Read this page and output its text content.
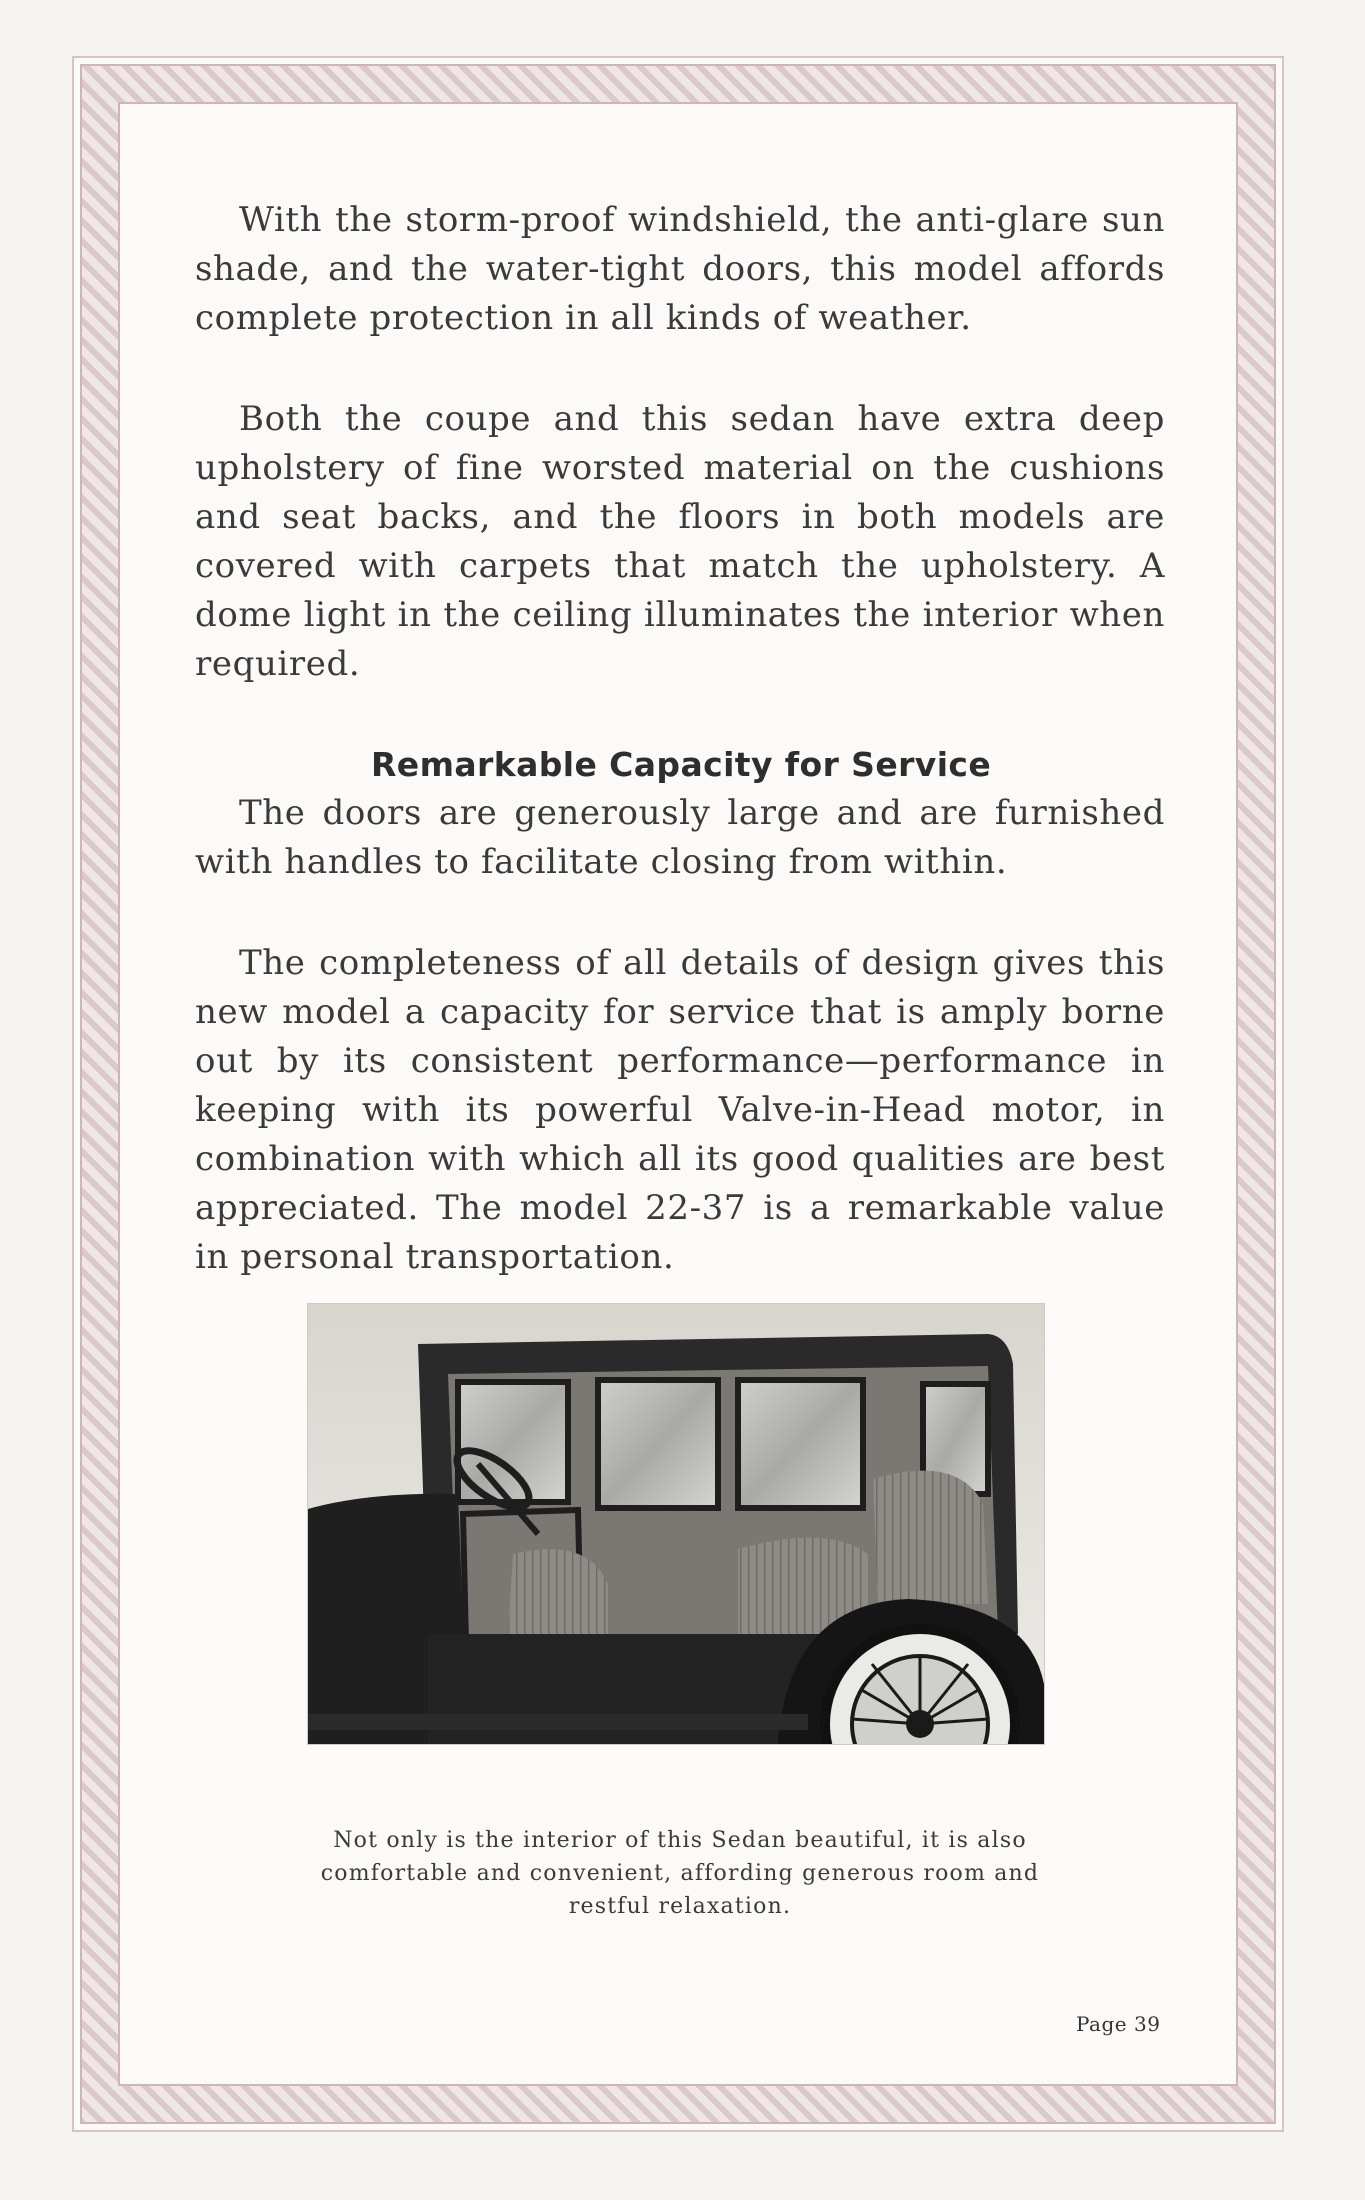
With the storm-proof windshield, the anti-glare sun shade, and the water-tight doors, this model affords complete protection in all kinds of weather.

Both the coupe and this sedan have extra deep upholstery of fine worsted material on the cushions and seat backs, and the floors in both models are covered with carpets that match the upholstery. A dome light in the ceiling illuminates the interior when required.

Remarkable Capacity for Service

The doors are generously large and are furnished with handles to facilitate closing from within.

The completeness of all details of design gives this new model a capacity for service that is amply borne out by its consistent performance—performance in keeping with its powerful Valve-in-Head motor, in combination with which all its good qualities are best appreciated. The model 22-37 is a remarkable value in personal transportation.

Not only is the interior of this Sedan beautiful, it is also comfortable and convenient, affording generous room and restful relaxation.
Page 39
